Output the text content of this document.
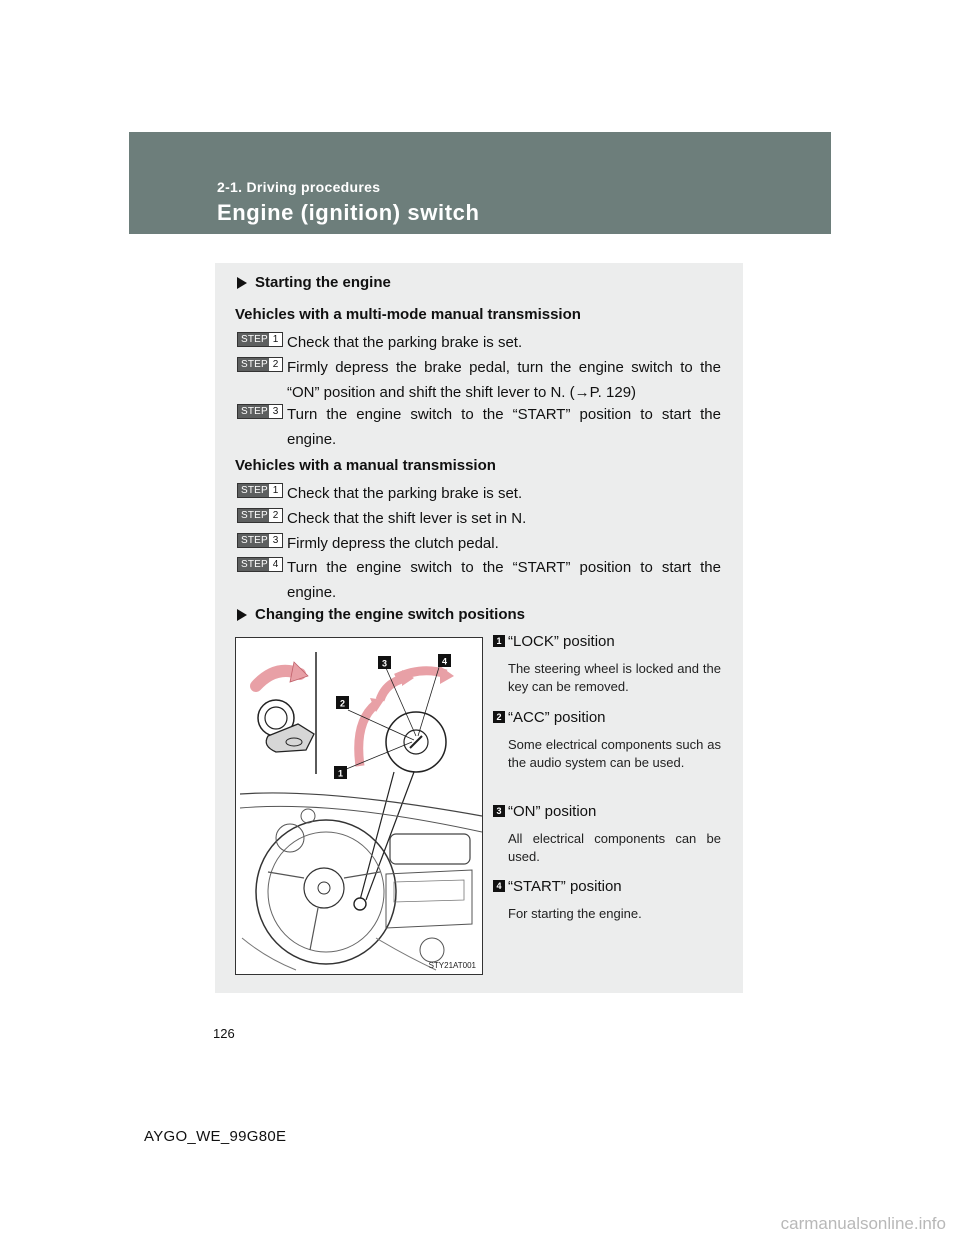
2-1. Driving procedures
Engine (ignition) switch
Starting the engine
Vehicles with a multi-mode manual transmission
STEP 1 Check that the parking brake is set.
STEP 2 Firmly depress the brake pedal, turn the engine switch to the “ON” position and shift the shift lever to N. (→P. 129)
STEP 3 Turn the engine switch to the “START” position to start the engine.
Vehicles with a manual transmission
STEP 1 Check that the parking brake is set.
STEP 2 Check that the shift lever is set in N.
STEP 3 Firmly depress the clutch pedal.
STEP 4 Turn the engine switch to the “START” position to start the engine.
Changing the engine switch positions
1
2
3	4
STY21AT001
1 “LOCK” position
The steering wheel is locked and the key can be removed.
2 “ACC” position
Some electrical components such as the audio system can be used.
3 “ON” position
All electrical components can be used.
4 “START” position
For starting the engine.
126
AYGO_WE_99G80E
carmanualsonline.info
